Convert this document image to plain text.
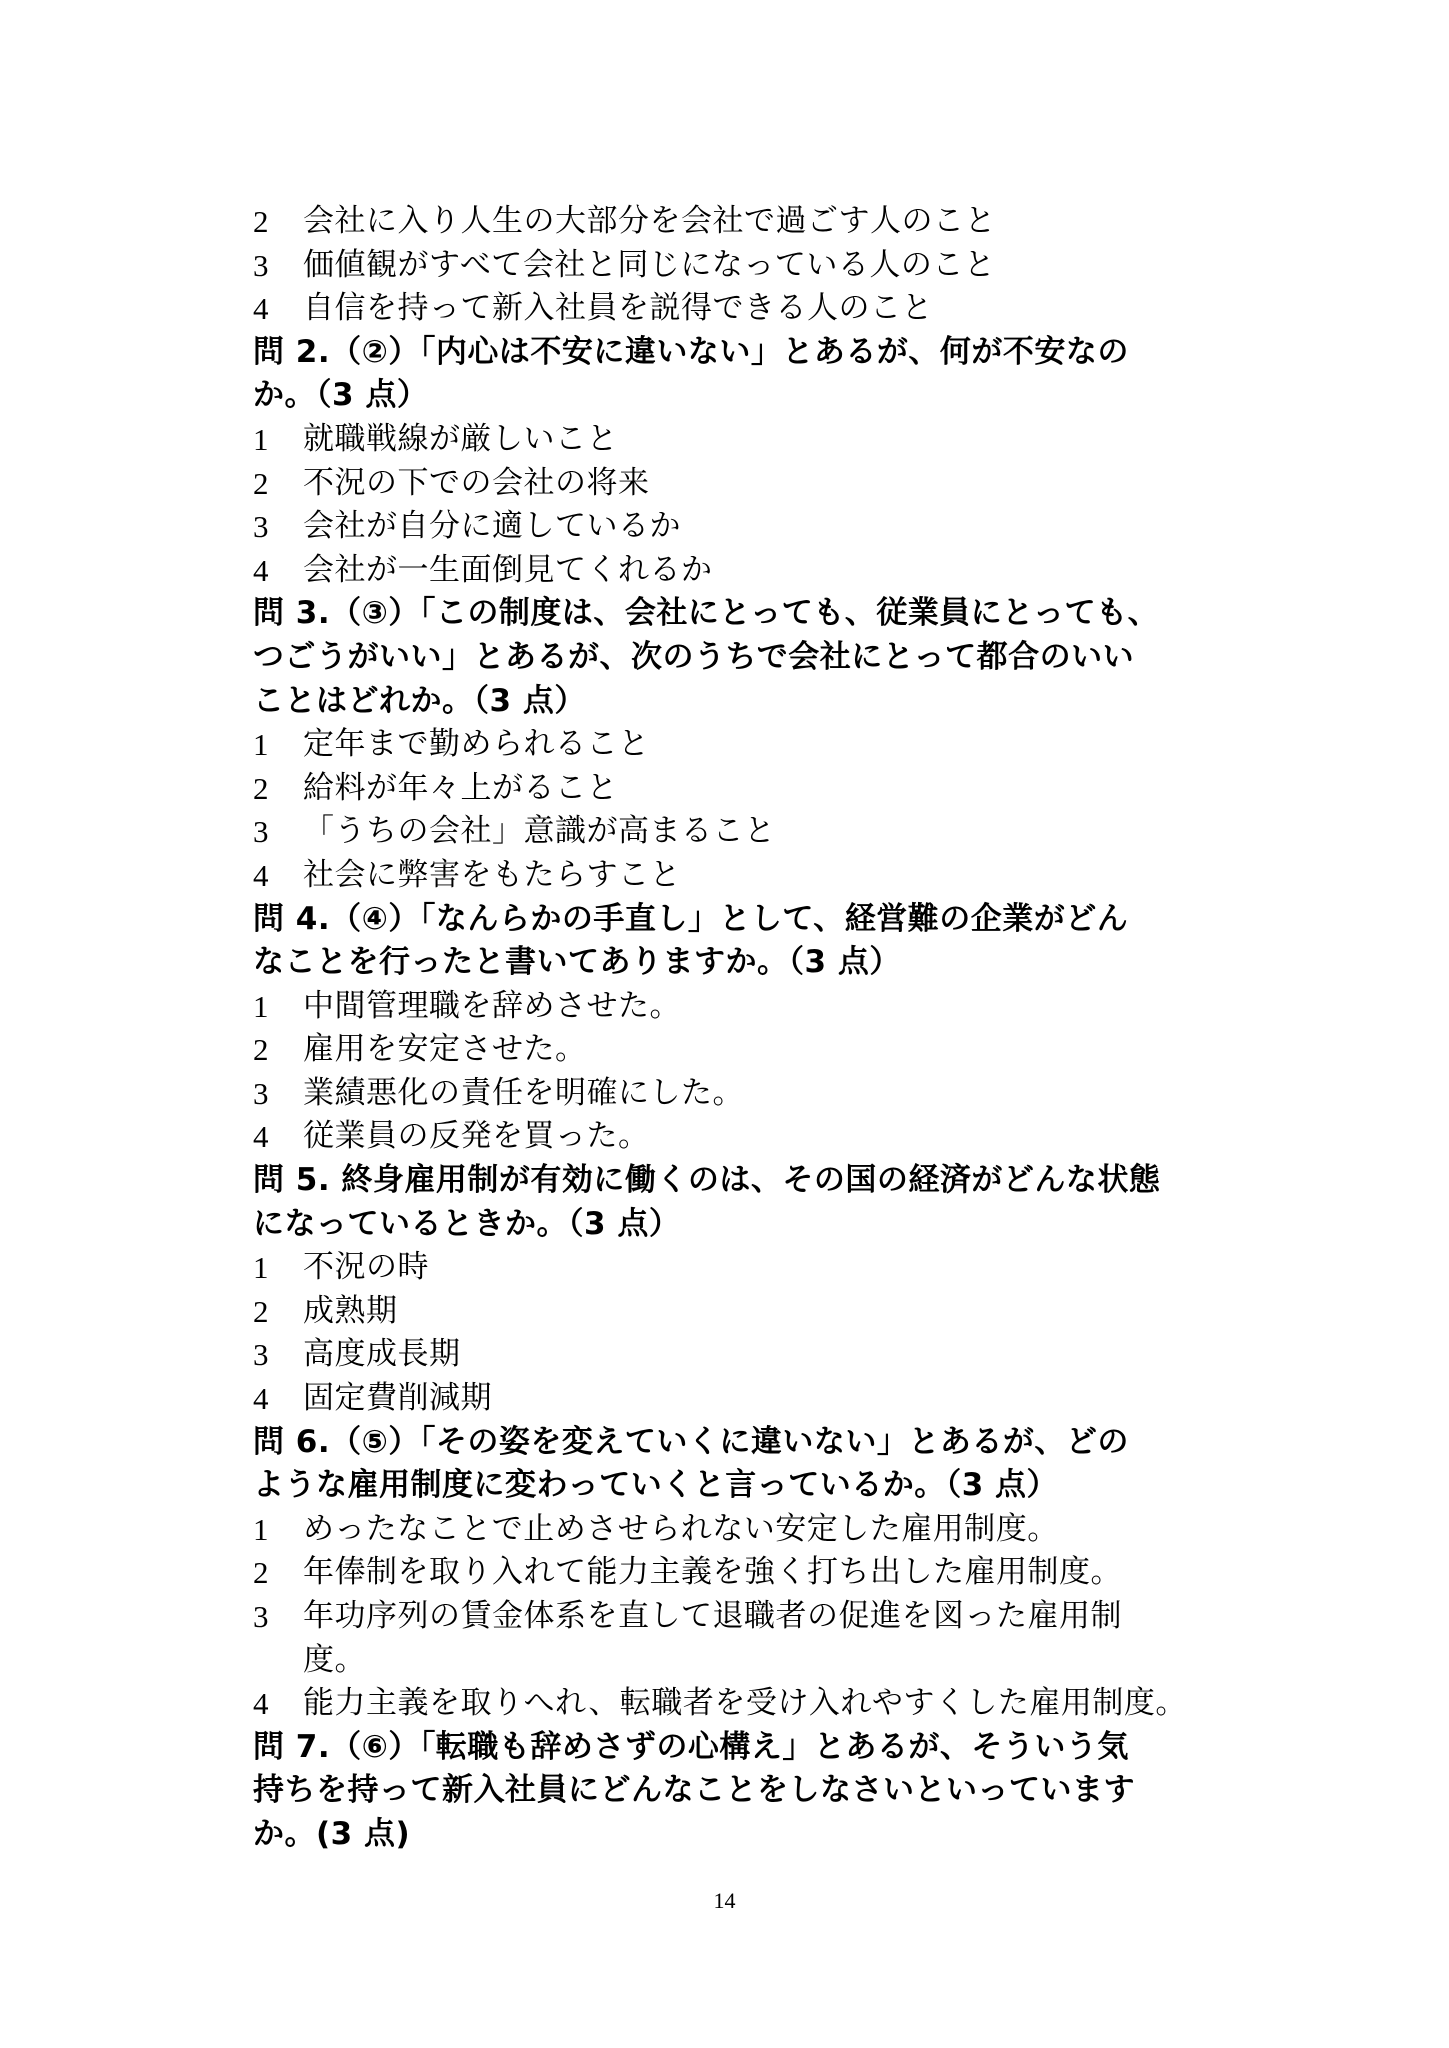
2	会社に入り人生の大部分を会社で過ごす人のこと
3	価値観がすべて会社と同じになっている人のこと
4	自信を持って新入社員を説得できる人のこと
問 2.（②）「内心は不安に違いない」とあるが、何が不安なの
か。（3 点）
1	就職戦線が厳しいこと
2	不況の下での会社の将来
3	会社が自分に適しているか
4	会社が一生面倒見てくれるか
問 3.（③）「この制度は、会社にとっても、従業員にとっても、
つごうがいい」とあるが、次のうちで会社にとって都合のいい
ことはどれか。（3 点）
1	定年まで勤められること
2	給料が年々上がること
3	「うちの会社」意識が高まること
4	社会に弊害をもたらすこと
問 4.（④）「なんらかの手直し」として、経営難の企業がどん
なことを行ったと書いてありますか。（3 点）
1	中間管理職を辞めさせた。
2	雇用を安定させた。
3	業績悪化の責任を明確にした。
4	従業員の反発を買った。
問 5. 終身雇用制が有効に働くのは、その国の経済がどんな状態
になっているときか。（3 点）
1	不況の時
2	成熟期
3	高度成長期
4	固定費削減期
問 6.（⑤）「その姿を変えていくに違いない」とあるが、どの
ような雇用制度に変わっていくと言っているか。（3 点）
1	めったなことで止めさせられない安定した雇用制度。
2	年俸制を取り入れて能力主義を強く打ち出した雇用制度。
3	年功序列の賃金体系を直して退職者の促進を図った雇用制
度。
4	能力主義を取りへれ、転職者を受け入れやすくした雇用制度。
問 7.（⑥）「転職も辞めさずの心構え」とあるが、そういう気
持ちを持って新入社員にどんなことをしなさいといっています
か。(3 点)
14
